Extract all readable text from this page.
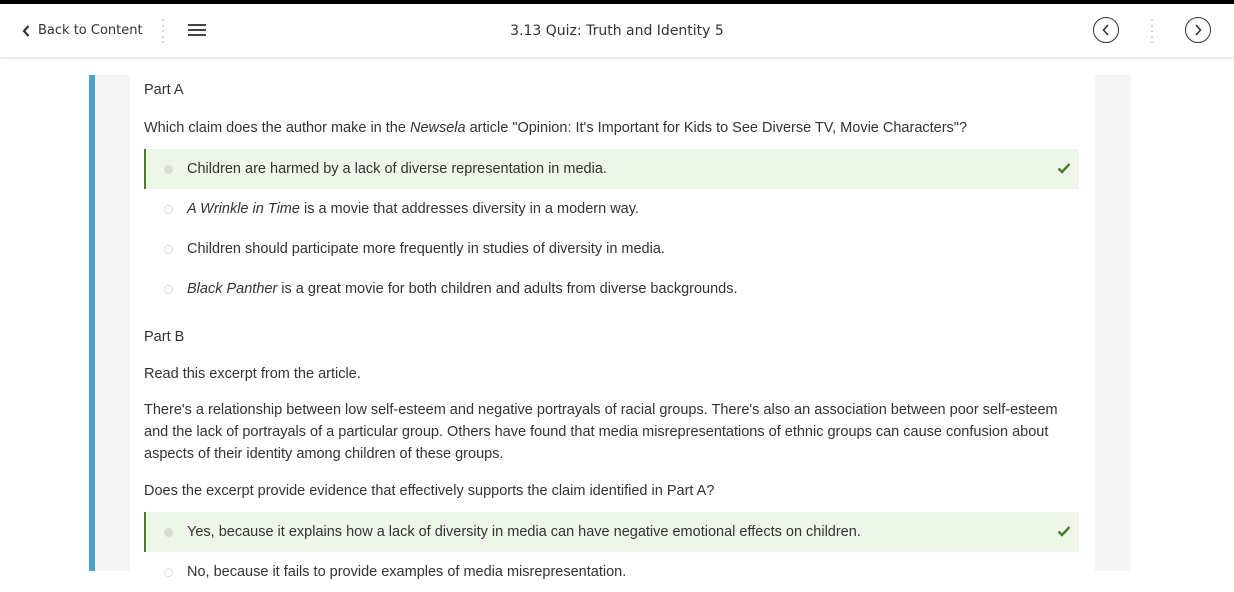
Back to Content	3.13 Quiz: Truth and Identity 5
Part A
Which claim does the author make in the Newsela article "Opinion: It's Important for Kids to See Diverse TV, Movie Characters"?
Children are harmed by a lack of diverse representation in media.
A Wrinkle in Time is a movie that addresses diversity in a modern way.
Children should participate more frequently in studies of diversity in media.
Black Panther is a great movie for both children and adults from diverse backgrounds.
Part B
Read this excerpt from the article.
There's a relationship between low self-esteem and negative portrayals of racial groups. There's also an association between poor self-esteem and the lack of portrayals of a particular group. Others have found that media misrepresentations of ethnic groups can cause confusion about aspects of their identity among children of these groups.
Does the excerpt provide evidence that effectively supports the claim identified in Part A?
Yes, because it explains how a lack of diversity in media can have negative emotional effects on children.
No, because it fails to provide examples of media misrepresentation.
